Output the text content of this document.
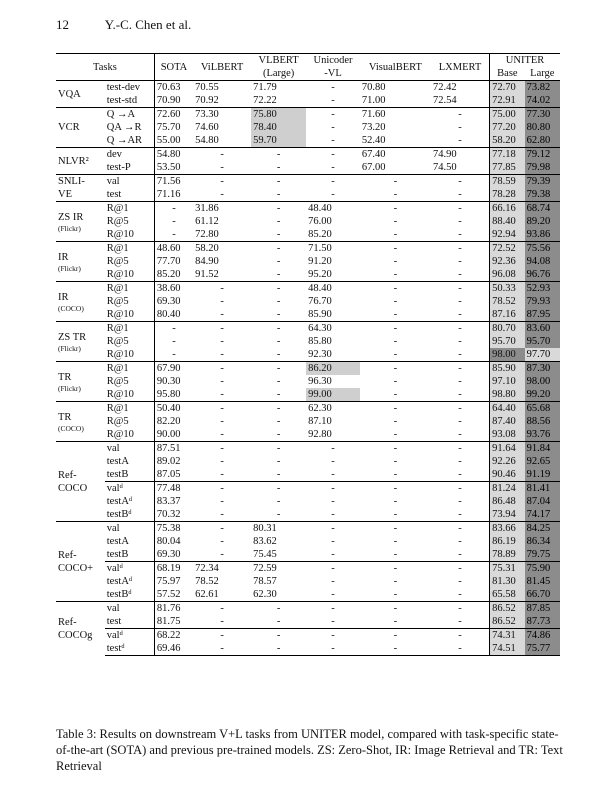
12	Y.-C. Chen et al.
Tasks		SOTA	ViLBERT	VLBERT	Unicoder	VisualBERT	LXMERT	UNITER	
				(Large)	-VL			Base	Large
VQA	test-dev	70.63	70.55	71.79	-	70.80	72.42	72.70	73.82
	test-std	70.90	70.92	72.22	-	71.00	72.54	72.91	74.02
VCR	Q →A	72.60	73.30	75.80	-	71.60	-	75.00	77.30
	QA →R	75.70	74.60	78.40	-	73.20	-	77.20	80.80
	Q →AR	55.00	54.80	59.70	-	52.40	-	58.20	62.80
NLVR²	dev	54.80	-	-	-	67.40	74.90	77.18	79.12
	test-P	53.50	-	-	-	67.00	74.50	77.85	79.98
SNLI-
VE	val	71.56	-	-	-	-	-	78.59	79.39
	test	71.16	-	-	-	-	-	78.28	79.38
ZS IR
(Flickr)	R@1	-	31.86	-	48.40	-	-	66.16	68.74
	R@5	-	61.12	-	76.00	-	-	88.40	89.20
	R@10	-	72.80	-	85.20	-	-	92.94	93.86
IR
(Flickr)	R@1	48.60	58.20	-	71.50	-	-	72.52	75.56
	R@5	77.70	84.90	-	91.20	-	-	92.36	94.08
	R@10	85.20	91.52	-	95.20	-	-	96.08	96.76
IR
(COCO)	R@1	38.60	-	-	48.40	-	-	50.33	52.93
	R@5	69.30	-	-	76.70	-	-	78.52	79.93
	R@10	80.40	-	-	85.90	-	-	87.16	87.95
ZS TR
(Flickr)	R@1	-	-	-	64.30	-	-	80.70	83.60
	R@5	-	-	-	85.80	-	-	95.70	95.70
	R@10	-	-	-	92.30	-	-	98.00	97.70
TR
(Flickr)	R@1	67.90	-	-	86.20	-	-	85.90	87.30
	R@5	90.30	-	-	96.30	-	-	97.10	98.00
	R@10	95.80	-	-	99.00	-	-	98.80	99.20
TR
(COCO)	R@1	50.40	-	-	62.30	-	-	64.40	65.68
	R@5	82.20	-	-	87.10	-	-	87.40	88.56
	R@10	90.00	-	-	92.80	-	-	93.08	93.76
Ref-
COCO	val	87.51	-	-	-	-	-	91.64	91.84
	testA	89.02	-	-	-	-	-	92.26	92.65
	testB	87.05	-	-	-	-	-	90.46	91.19
	valᵈ	77.48	-	-	-	-	-	81.24	81.41
	testAᵈ	83.37	-	-	-	-	-	86.48	87.04
	testBᵈ	70.32	-	-	-	-	-	73.94	74.17
Ref-
COCO+	val	75.38	-	80.31	-	-	-	83.66	84.25
	testA	80.04	-	83.62	-	-	-	86.19	86.34
	testB	69.30	-	75.45	-	-	-	78.89	79.75
	valᵈ	68.19	72.34	72.59	-	-	-	75.31	75.90
	testAᵈ	75.97	78.52	78.57	-	-	-	81.30	81.45
	testBᵈ	57.52	62.61	62.30	-	-	-	65.58	66.70
Ref-
COCOg	val	81.76	-	-	-	-	-	86.52	87.85
	test	81.75	-	-	-	-	-	86.52	87.73
	valᵈ	68.22	-	-	-	-	-	74.31	74.86
	testᵈ	69.46	-	-	-	-	-	74.51	75.77
Table 3: Results on downstream V+L tasks from UNITER model, compared with task-specific state-of-the-art (SOTA) and previous pre-trained models. ZS: Zero-Shot, IR: Image Retrieval and TR: Text Retrieval
